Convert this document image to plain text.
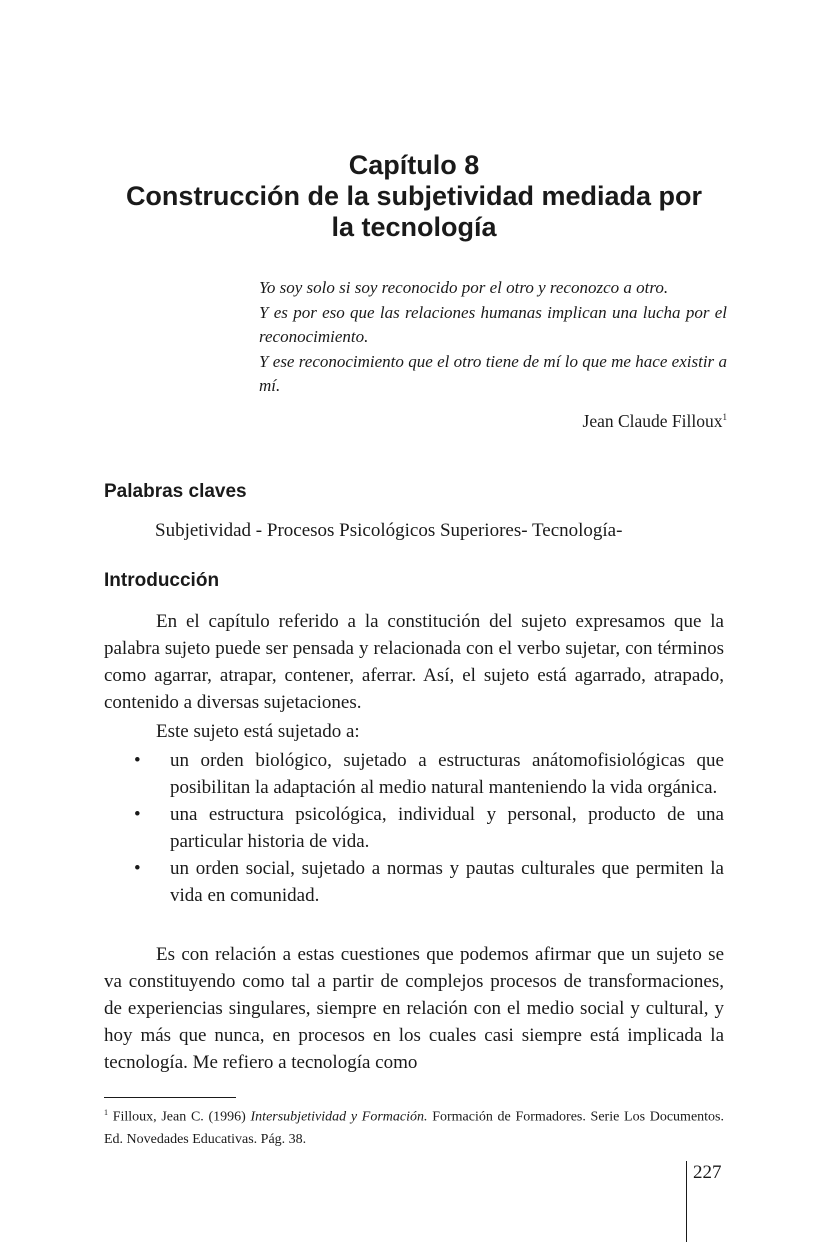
Capítulo 8
Construcción de la subjetividad mediada por
la tecnología

Yo soy solo si soy reconocido por el otro y reconozco a otro.

Y es por eso que las relaciones humanas implican una lucha por el reconocimiento.

Y ese reconocimiento que el otro tiene de mí lo que me hace existir a mí.

Jean Claude Filloux$^1$

Palabras claves

Subjetividad - Procesos Psicológicos Superiores- Tecnología-

Introducción

En el capítulo referido a la constitución del sujeto expresamos que la palabra sujeto puede ser pensada y relacionada con el verbo sujetar, con términos como agarrar, atrapar, contener, aferrar. Así, el sujeto está agarrado, atrapado, contenido a diversas sujetaciones.

Este sujeto está sujetado a:

• un orden biológico, sujetado a estructuras anátomofisiológicas que posibilitan la adaptación al medio natural manteniendo la vida orgánica.
• una estructura psicológica, individual y personal, producto de una particular historia de vida.
• un orden social, sujetado a normas y pautas culturales que permiten la vida en comunidad.

Es con relación a estas cuestiones que podemos afirmar que un sujeto se va constituyendo como tal a partir de complejos procesos de transformaciones, de experiencias singulares, siempre en relación con el medio social y cultural, y hoy más que nunca, en procesos en los cuales casi siempre está implicada la tecnología. Me refiero a tecnología como

$^1$ Filloux, Jean C. (1996) Intersubjetividad y Formación. Formación de Formadores. Serie Los Documentos. Ed. Novedades Educativas. Pág. 38.

227
